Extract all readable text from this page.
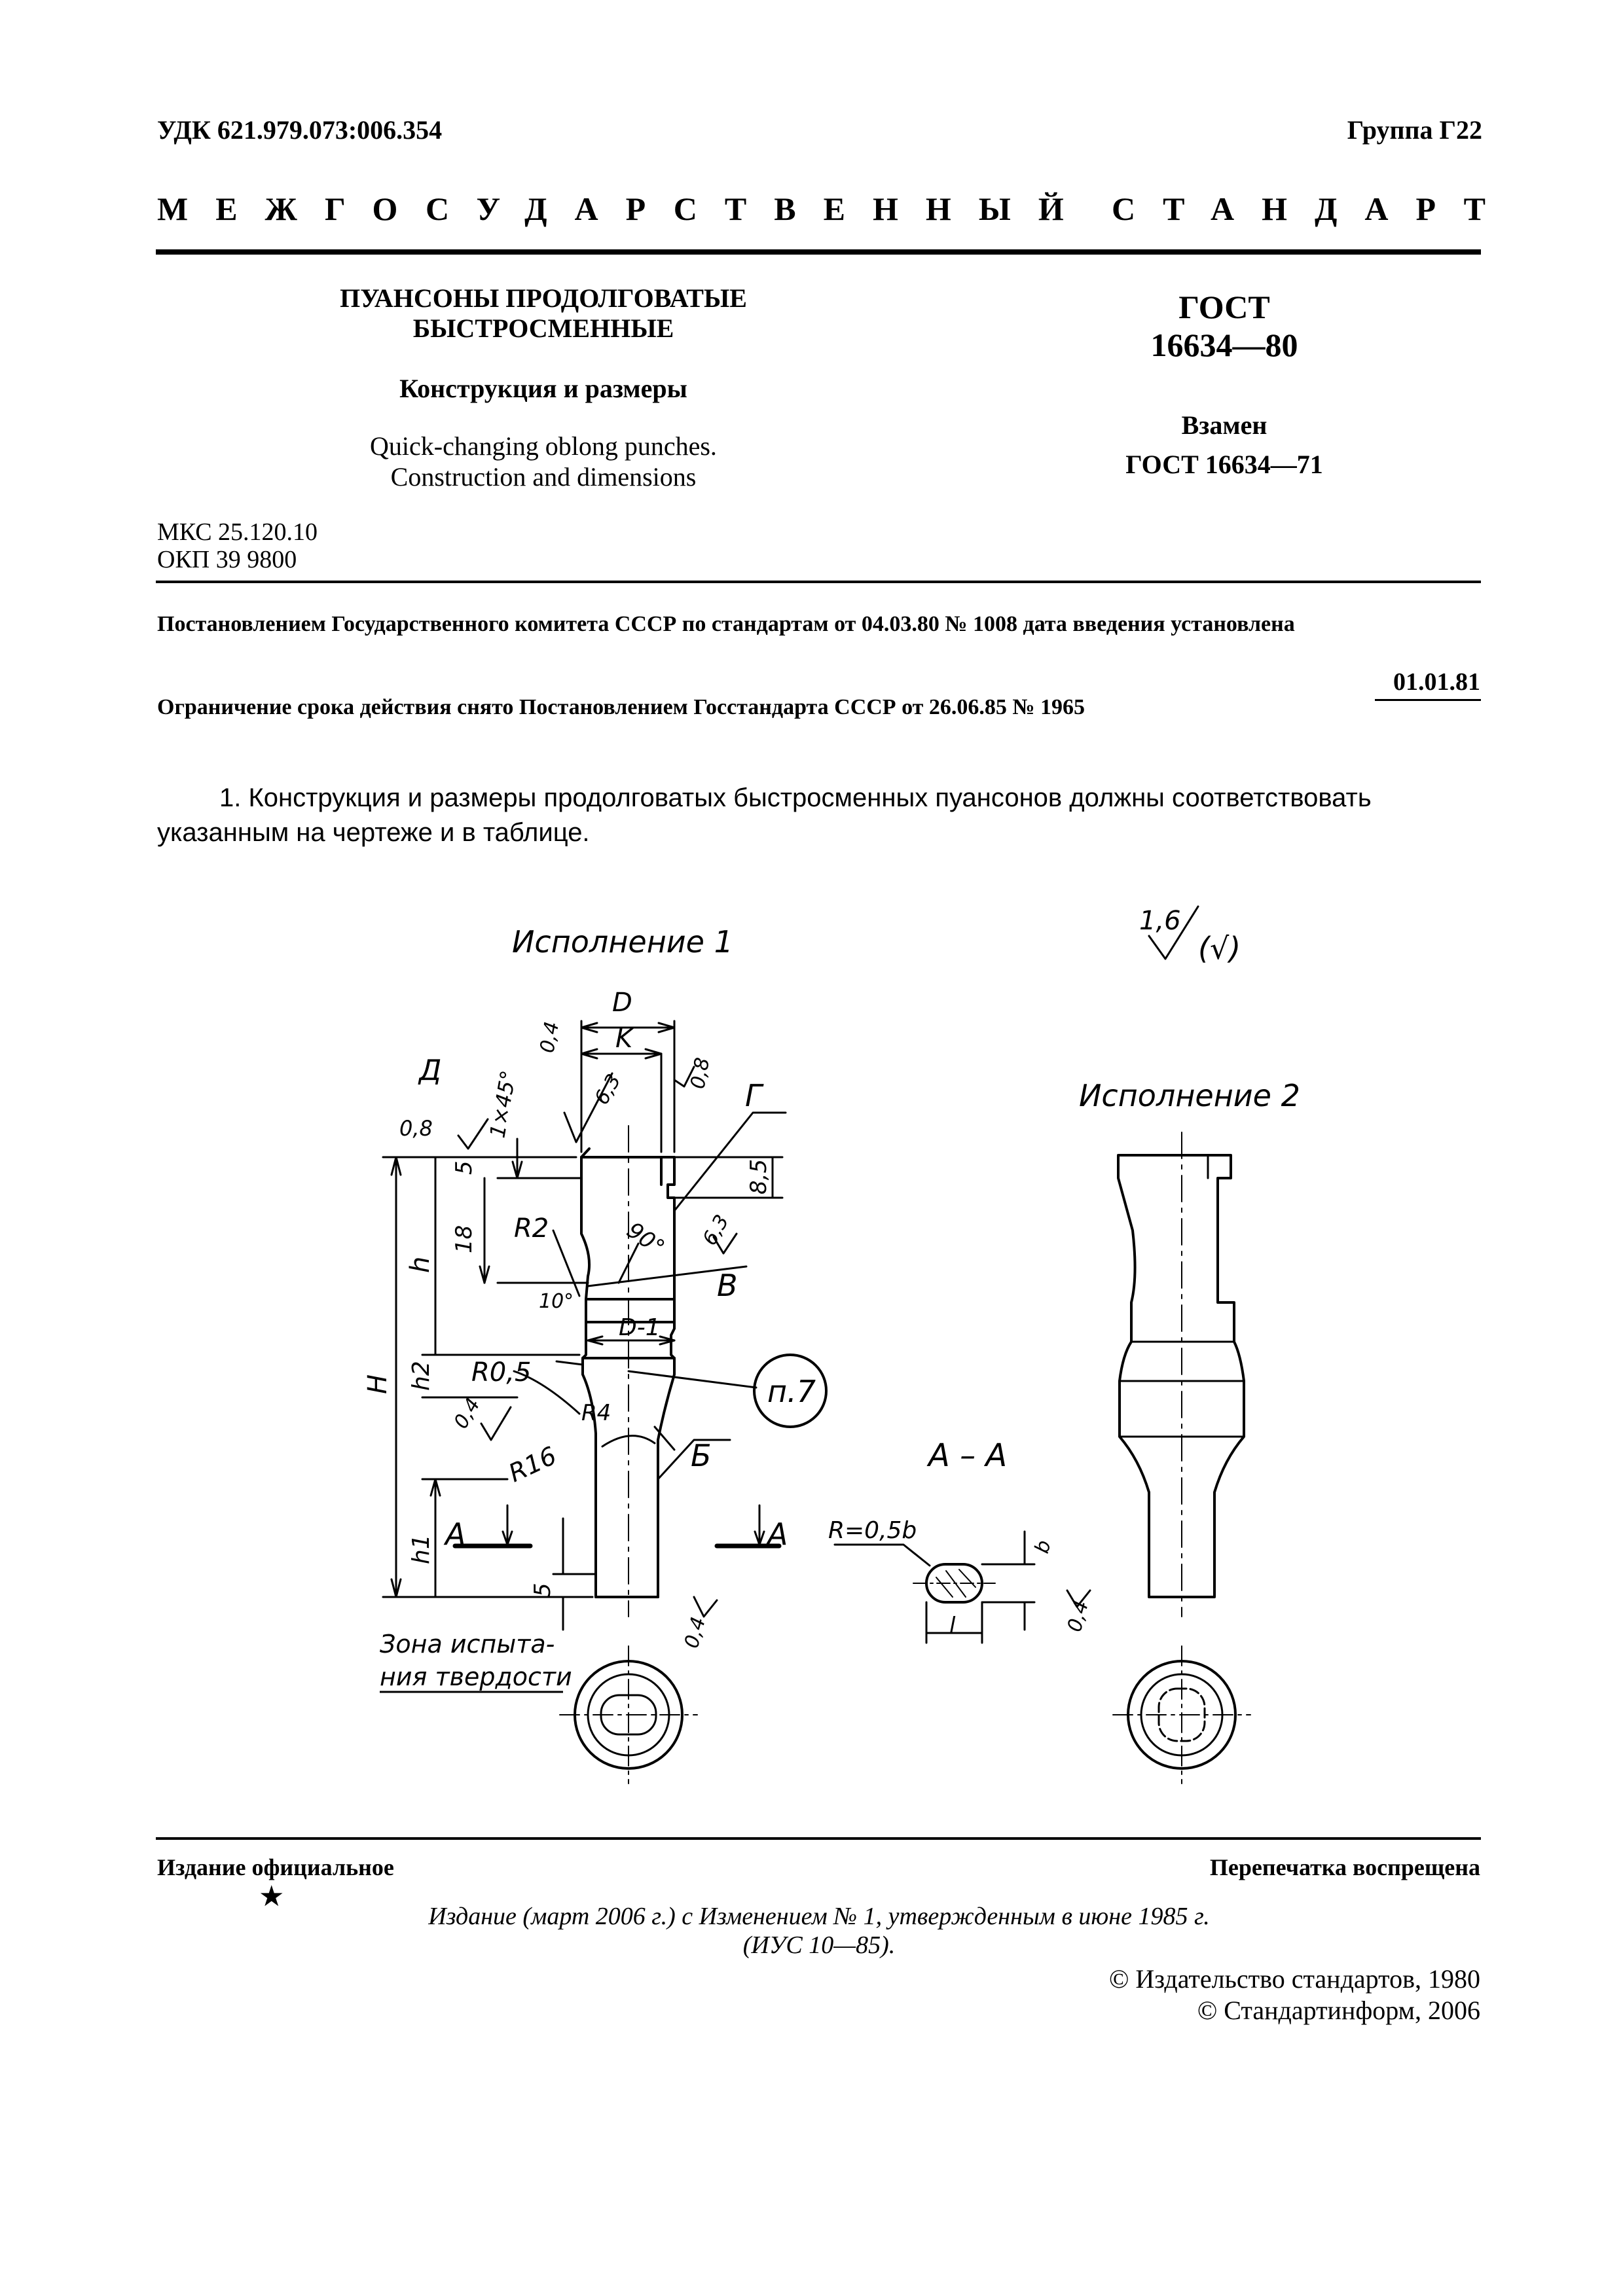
УДК 621.979.073:006.354	Группа Г22
МЕЖГОСУДАРСТВЕННЫЙ СТАНДАРТ
ПУАНСОНЫ ПРОДОЛГОВАТЫЕ
БЫСТРОСМЕННЫЕ
Конструкция и размеры
Quick-changing oblong punches.
Construction and dimensions
ГОСТ
16634—80
Взамен
ГОСТ 16634—71
МКС 25.120.10
ОКП 39 9800
Постановлением Государственного комитета СССР по стандартам от 04.03.80 № 1008 дата введения установлена
01.01.81
Ограничение срока действия снято Постановлением Госстандарта СССР от 26.06.85 № 1965
1. Конструкция и размеры продолговатых быстросменных пуансонов должны соответствовать
указанным на чертеже и в таблице.
Исполнение 1
Исполнение 2
1,6
(√)
А – А
Д
D
K
Г
В
Б
А	А
H
h
h1
h2
5
18
8,5
5
1×45°
0,4
0,8
6,3
6,3
0,4
0,4	0,4
b
l
0,8
R2
R0,5
R4
R16
D-1
90°
10°
п.7
R=0,5b
Зона испыта-
ния твердости
Издание официальное
★
Перепечатка воспрещена
Издание (март 2006 г.) с Изменением № 1, утвержденным в июне 1985 г.
(ИУС 10—85).
© Издательство стандартов, 1980
© Стандартинформ, 2006
